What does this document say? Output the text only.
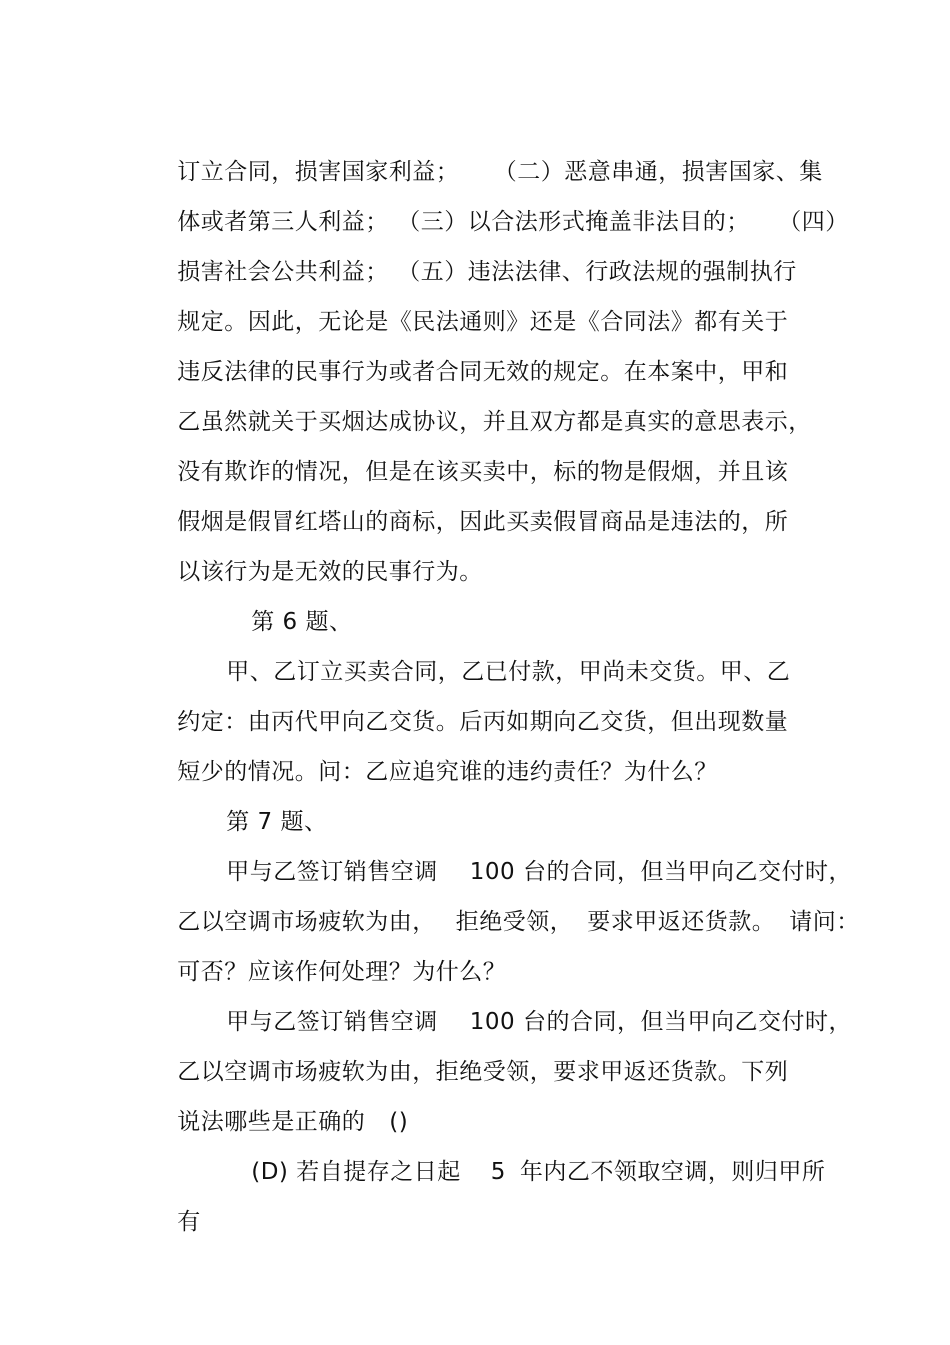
订立合同，损害国家利益； （二）恶意串通，损害国家、集

体或者第三人利益； （三）以合法形式掩盖非法目的； （四）

损害社会公共利益； （五）违法法律、行政法规的强制执行

规定。因此，无论是《民法通则》还是《合同法》都有关于

违反法律的民事行为或者合同无效的规定。在本案中，甲和

乙虽然就关于买烟达成协议，并且双方都是真实的意思表示，

没有欺诈的情况，但是在该买卖中，标的物是假烟，并且该

假烟是假冒红塔山的商标，因此买卖假冒商品是违法的，所

以该行为是无效的民事行为。

第 6 题、

甲、乙订立买卖合同，乙已付款，甲尚未交货。甲、乙

约定：由丙代甲向乙交货。后丙如期向乙交货，但出现数量

短少的情况。问：乙应追究谁的违约责任？为什么？

第 7 题、

甲与乙签订销售空调 100 台的合同，但当甲向乙交付时，

乙以空调市场疲软为由， 拒绝受领， 要求甲返还货款。 请问：

可否？应该作何处理？为什么？

甲与乙签订销售空调 100 台的合同，但当甲向乙交付时，

乙以空调市场疲软为由，拒绝受领，要求甲返还货款。下列

说法哪些是正确的 ()

(D) 若自提存之日起 5 年内乙不领取空调，则归甲所

有
